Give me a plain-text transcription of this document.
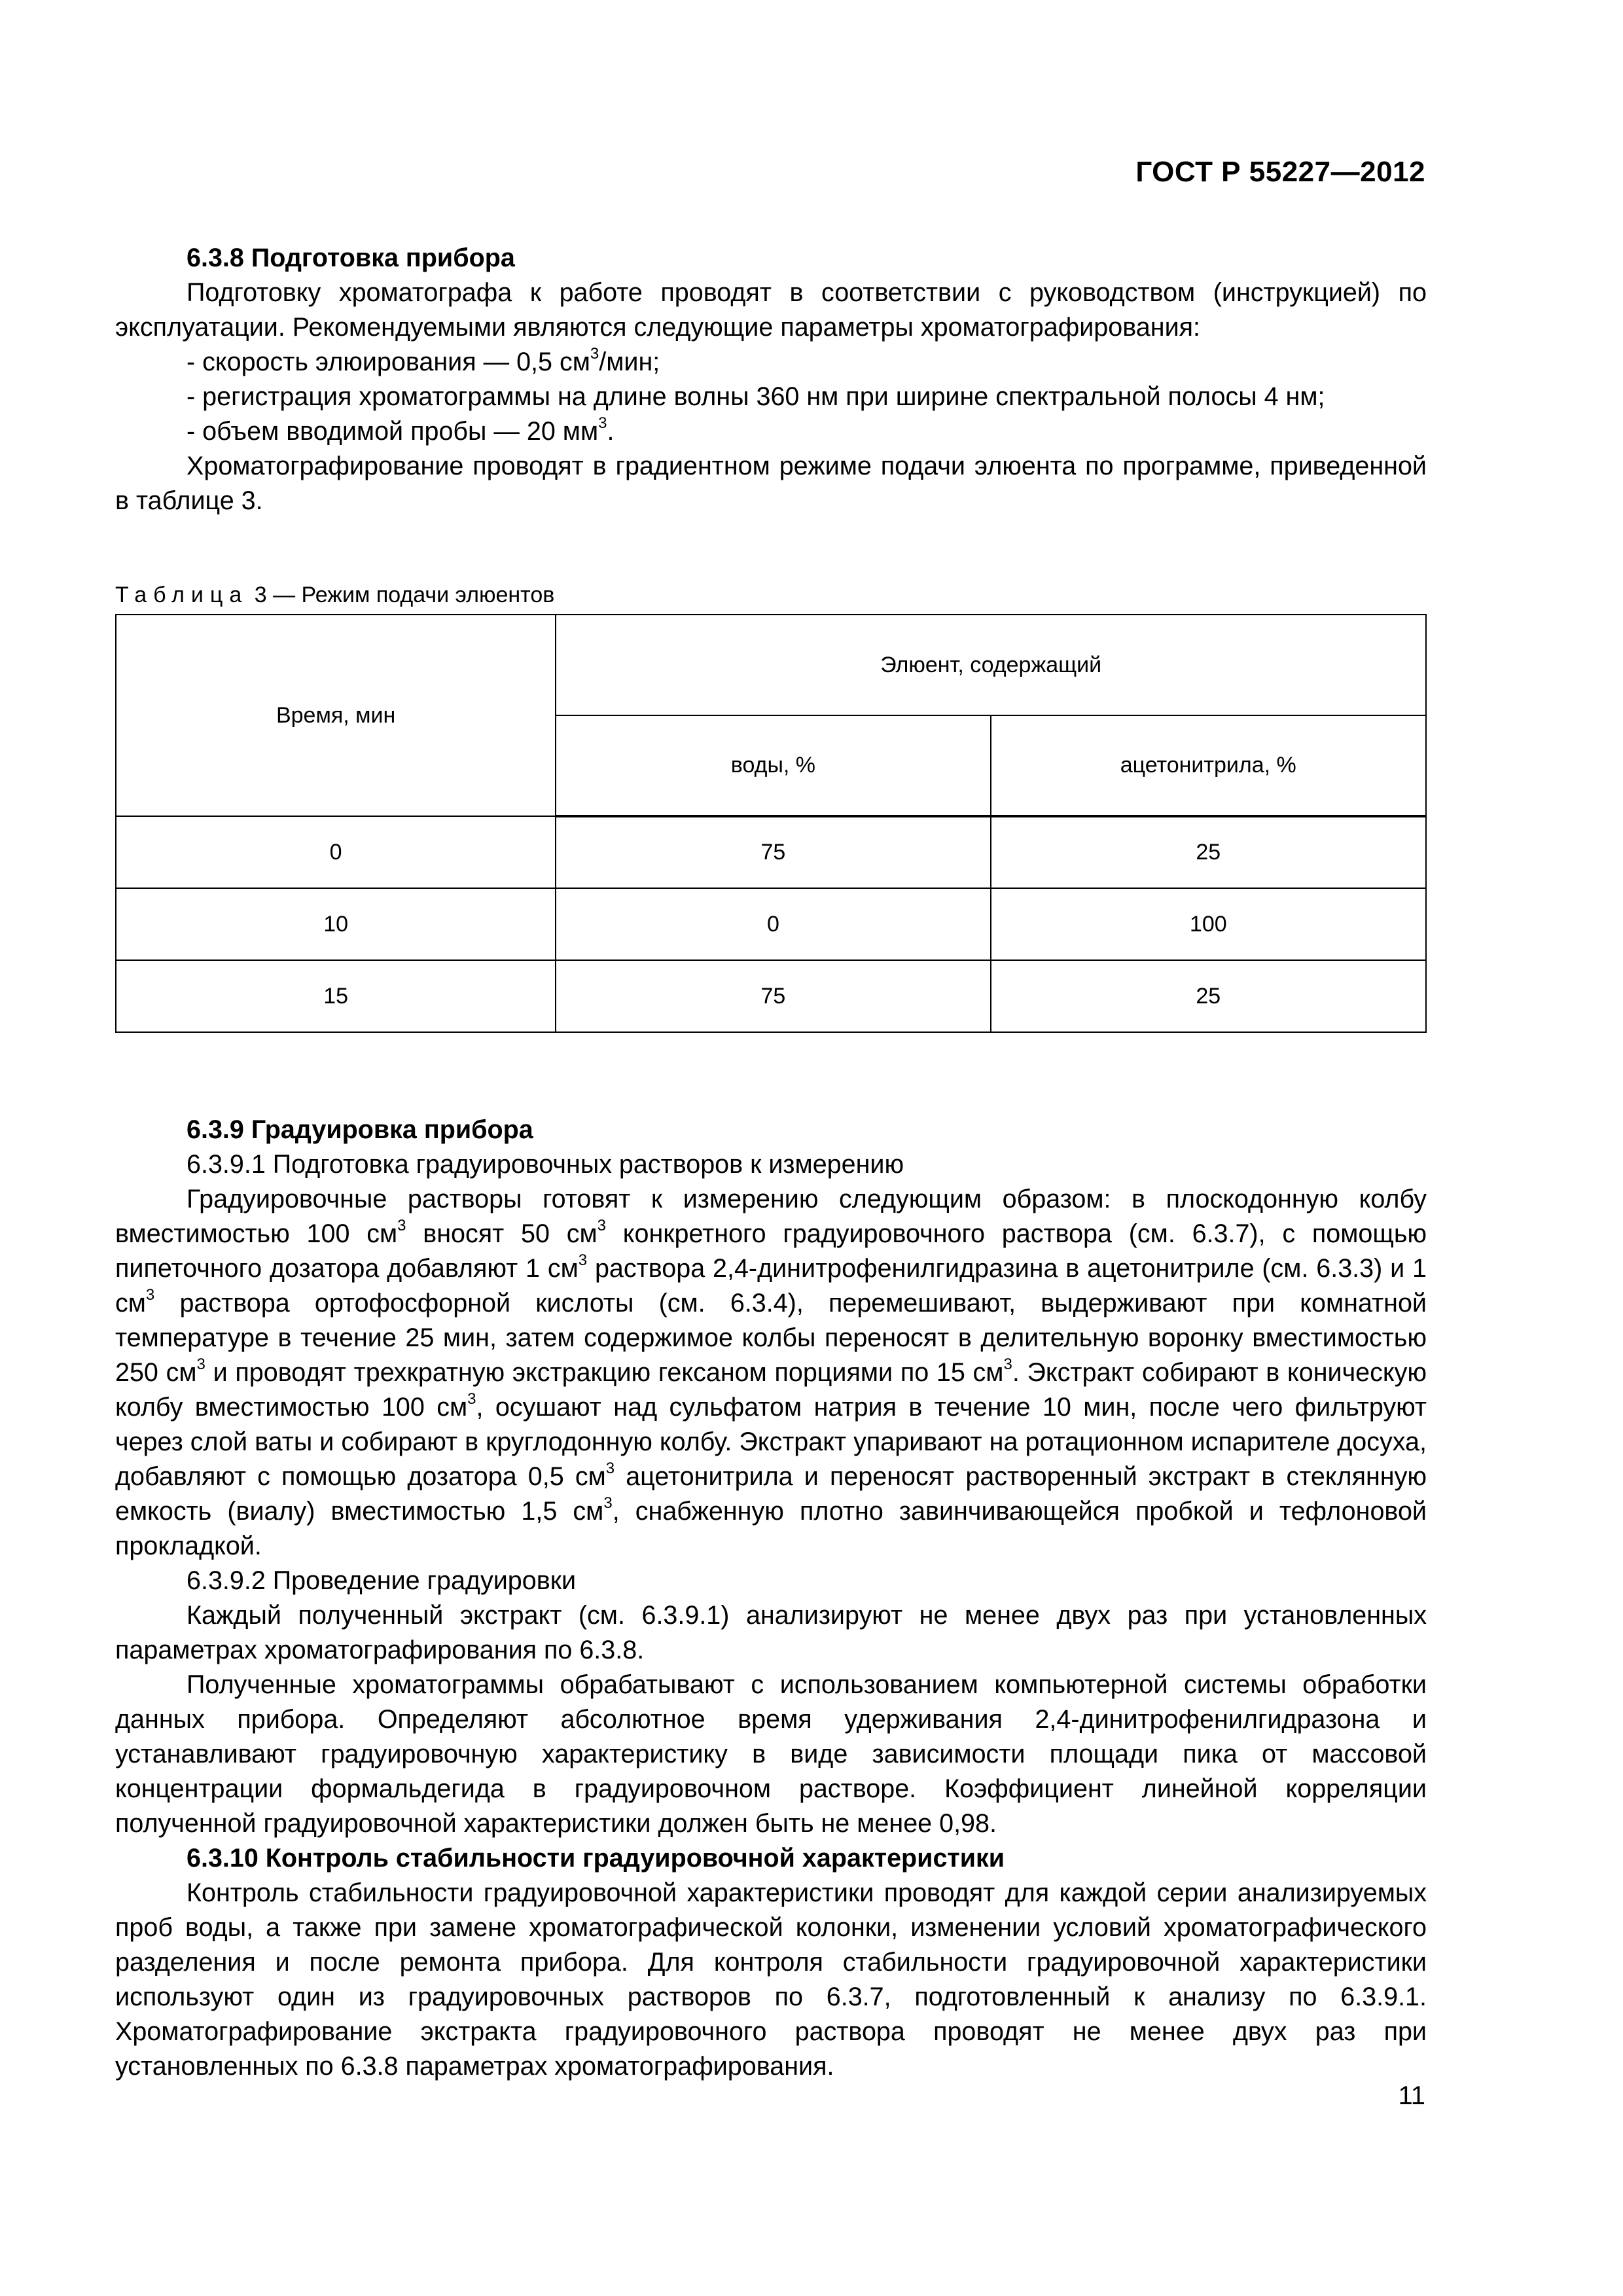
ГОСТ Р 55227—2012

6.3.8 Подготовка прибора

Подготовку хроматографа к работе проводят в соответствии с руководством (инструкцией) по эксплуатации. Рекомендуемыми являются следующие параметры хроматографирования:

- скорость элюирования — 0,5 $см^3$/мин;

- регистрация хроматограммы на длине волны 360 нм при ширине спектральной полосы 4 нм;

- объем вводимой пробы — 20 $мм^3$.

Хроматографирование проводят в градиентном режиме подачи элюента по программе, приведенной в таблице 3.

Таблица 3 — Режим подачи элюентов
Время, мин	Элюент, содержащий	
	воды, %	ацетонитрила, %
0	75	25
10	0	100
15	75	25

6.3.9 Градуировка прибора

6.3.9.1 Подготовка градуировочных растворов к измерению

Градуировочные растворы готовят к измерению следующим образом: в плоскодонную колбу вместимостью 100 $см^3$ вносят 50 $см^3$ конкретного градуировочного раствора (см. 6.3.7), с помощью пипеточного дозатора добавляют 1 $см^3$ раствора 2,4-динитрофенилгидразина в ацетонитриле (см. 6.3.3) и 1 $см^3$ раствора ортофосфорной кислоты (см. 6.3.4), перемешивают, выдерживают при комнатной температуре в течение 25 мин, затем содержимое колбы переносят в делительную воронку вместимостью 250 $см^3$ и проводят трехкратную экстракцию гексаном порциями по 15 $см^3$. Экстракт собирают в коническую колбу вместимостью 100 $см^3$, осушают над сульфатом натрия в течение 10 мин, после чего фильтруют через слой ваты и собирают в круглодонную колбу. Экстракт упаривают на ротационном испарителе досуха, добавляют с помощью дозатора 0,5 $см^3$ ацетонитрила и переносят растворенный экстракт в стеклянную емкость (виалу) вместимостью 1,5 $см^3$, снабженную плотно завинчивающейся пробкой и тефлоновой прокладкой.

6.3.9.2 Проведение градуировки

Каждый полученный экстракт (см. 6.3.9.1) анализируют не менее двух раз при установленных параметрах хроматографирования по 6.3.8.

Полученные хроматограммы обрабатывают с использованием компьютерной системы обработки данных прибора. Определяют абсолютное время удерживания 2,4-динитрофенилгидразона и устанавливают градуировочную характеристику в виде зависимости площади пика от массовой концентрации формальдегида в градуировочном растворе. Коэффициент линейной корреляции полученной градуировочной характеристики должен быть не менее 0,98.

6.3.10 Контроль стабильности градуировочной характеристики

Контроль стабильности градуировочной характеристики проводят для каждой серии анализируемых проб воды, а также при замене хроматографической колонки, изменении условий хроматографического разделения и после ремонта прибора. Для контроля стабильности градуировочной характеристики используют один из градуировочных растворов по 6.3.7, подготовленный к анализу по 6.3.9.1. Хроматографирование экстракта градуировочного раствора проводят не менее двух раз при установленных по 6.3.8 параметрах хроматографирования.

11
